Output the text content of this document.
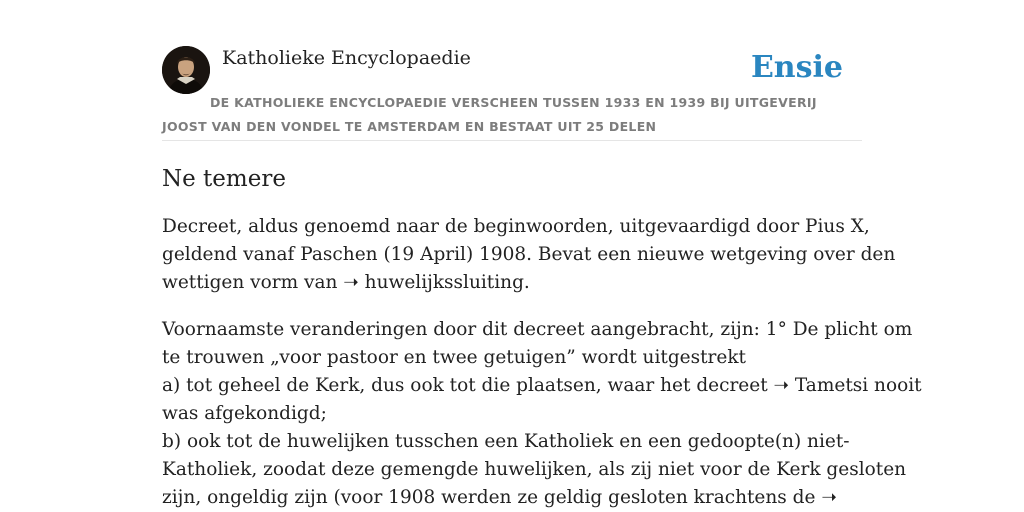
Katholieke Encyclopaedie	Ensie
DE KATHOLIEKE ENCYCLOPAEDIE VERSCHEEN TUSSEN 1933 EN 1939 BIJ UITGEVERIJ JOOST VAN DEN VONDEL TE AMSTERDAM EN BESTAAT UIT 25 DELEN
Ne temere

Decreet, aldus genoemd naar de beginwoorden, uitgevaardigd door Pius X,
geldend vanaf Paschen (19 April) 1908. Bevat een nieuwe wetgeving over den
wettigen vorm van ➝ huwelijkssluiting.

Voornaamste veranderingen door dit decreet aangebracht, zijn: 1° De plicht om
te trouwen „voor pastoor en twee getuigen” wordt uitgestrekt
a) tot geheel de Kerk, dus ook tot die plaatsen, waar het decreet ➝ Tametsi nooit
was afgekondigd;
b) ook tot de huwelijken tusschen een Katholiek en een gedoopte(n) niet-
Katholiek, zoodat deze gemengde huwelijken, als zij niet voor de Kerk gesloten
zijn, ongeldig zijn (voor 1908 werden ze geldig gesloten krachtens de ➝
